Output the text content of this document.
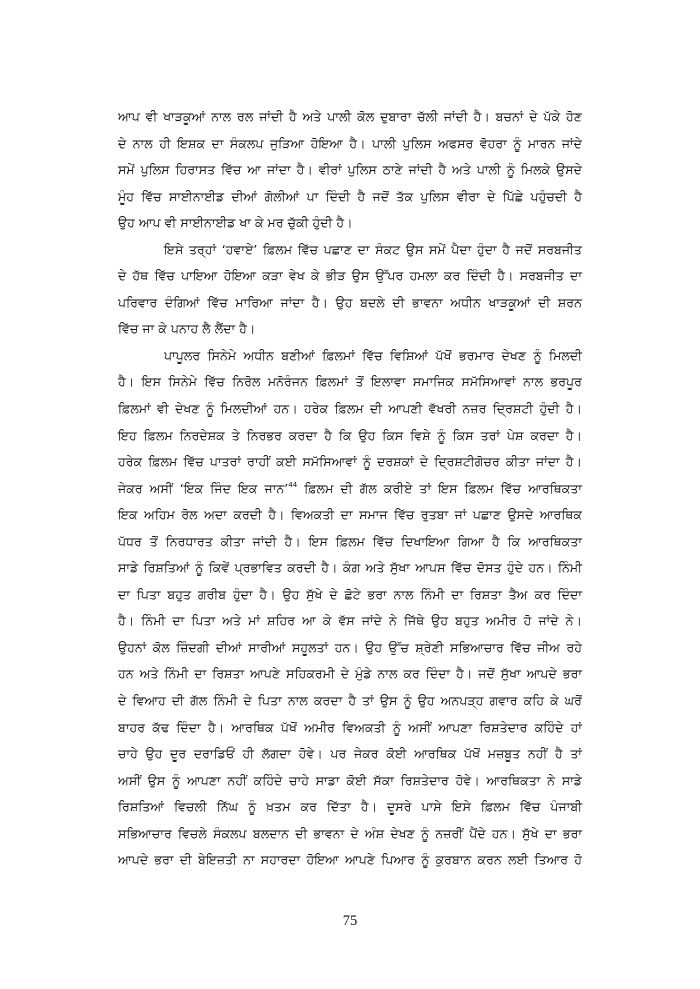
ਆਪ ਵੀ ਖਾੜਕੂਆਂ ਨਾਲ ਰਲ ਜਾਂਦੀ ਹੈ ਅਤੇ ਪਾਲੀ ਕੋਲ ਦੁਬਾਰਾ ਚੱਲੀ ਜਾਂਦੀ ਹੈ। ਬਚਨਾਂ ਦੇ ਪੱਕੇ ਹੋਣ
ਦੇ ਨਾਲ ਹੀ ਇਸ਼ਕ ਦਾ ਸੰਕਲਪ ਜੁੜਿਆ ਹੋਇਆ ਹੈ। ਪਾਲੀ ਪੁਲਿਸ ਅਫਸਰ ਵੋਹਰਾ ਨੂੰ ਮਾਰਨ ਜਾਂਦੇ
ਸਮੇਂ ਪੁਲਿਸ ਹਿਰਾਸਤ ਵਿੱਚ ਆ ਜਾਂਦਾ ਹੈ। ਵੀਰਾਂ ਪੁਲਿਸ ਠਾਣੇ ਜਾਂਦੀ ਹੈ ਅਤੇ ਪਾਲੀ ਨੂੰ ਮਿਲਕੇ ਉਸਦੇ
ਮੂੰਹ ਵਿੱਚ ਸਾਈਨਾਈਡ ਦੀਆਂ ਗੋਲੀਆਂ ਪਾ ਦਿੰਦੀ ਹੈ ਜਦੋਂ ਤੱਕ ਪੁਲਿਸ ਵੀਰਾ ਦੇ ਪਿੱਛੇ ਪਹੁੰਚਦੀ ਹੈ
ਉਹ ਆਪ ਵੀ ਸਾਈਨਾਈਡ ਖਾ ਕੇ ਮਰ ਚੁੱਕੀ ਹੁੰਦੀ ਹੈ।
ਇਸੇ ਤਰ੍ਹਾਂ ‘ਹਵਾਏ’ ਫ਼ਿਲਮ ਵਿੱਚ ਪਛਾਣ ਦਾ ਸੰਕਟ ਉਸ ਸਮੇਂ ਪੈਦਾ ਹੁੰਦਾ ਹੈ ਜਦੋਂ ਸਰਬਜੀਤ
ਦੇ ਹੱਥ ਵਿੱਚ ਪਾਇਆ ਹੋਇਆ ਕੜਾ ਵੇਖ ਕੇ ਭੀੜ ਉਸ ਉੱਪਰ ਹਮਲਾ ਕਰ ਦਿੰਦੀ ਹੈ। ਸਰਬਜੀਤ ਦਾ
ਪਰਿਵਾਰ ਦੰਗਿਆਂ ਵਿੱਚ ਮਾਰਿਆ ਜਾਂਦਾ ਹੈ। ਉਹ ਬਦਲੇ ਦੀ ਭਾਵਨਾ ਅਧੀਨ ਖਾੜਕੂਆਂ ਦੀ ਸ਼ਰਨ
ਵਿੱਚ ਜਾ ਕੇ ਪਨਾਹ ਲੈ ਲੈਂਦਾ ਹੈ।
ਪਾਪੂਲਰ ਸਿਨੇਮੇ ਅਧੀਨ ਬਣੀਆਂ ਫ਼ਿਲਮਾਂ ਵਿੱਚ ਵਿਸ਼ਿਆਂ ਪੱਖੋਂ ਭਰਮਾਰ ਦੇਖਣ ਨੂੰ ਮਿਲਦੀ
ਹੈ। ਇਸ ਸਿਨੇਮੇ ਵਿੱਚ ਨਿਰੋਲ ਮਨੋਰੰਜਨ ਫ਼ਿਲਮਾਂ ਤੋਂ ਇਲਾਵਾ ਸਮਾਜਿਕ ਸਮੱਸਿਆਵਾਂ ਨਾਲ ਭਰਪੂਰ
ਫ਼ਿਲਮਾਂ ਵੀ ਦੇਖਣ ਨੂੰ ਮਿਲਦੀਆਂ ਹਨ। ਹਰੇਕ ਫ਼ਿਲਮ ਦੀ ਆਪਣੀ ਵੱਖਰੀ ਨਜ਼ਰ ਦ੍ਰਿਸ਼ਟੀ ਹੁੰਦੀ ਹੈ।
ਇਹ ਫ਼ਿਲਮ ਨਿਰਦੇਸ਼ਕ ਤੇ ਨਿਰਭਰ ਕਰਦਾ ਹੈ ਕਿ ਉਹ ਕਿਸ ਵਿਸ਼ੇ ਨੂੰ ਕਿਸ ਤਰਾਂ ਪੇਸ਼ ਕਰਦਾ ਹੈ।
ਹਰੇਕ ਫ਼ਿਲਮ ਵਿੱਚ ਪਾਤਰਾਂ ਰਾਹੀਂ ਕਈ ਸਮੱਸਿਆਵਾਂ ਨੂੰ ਦਰਸ਼ਕਾਂ ਦੇ ਦ੍ਰਿਸ਼ਟੀਗੋਚਰ ਕੀਤਾ ਜਾਂਦਾ ਹੈ।
ਜੇਕਰ ਅਸੀਂ ‘ਇਕ ਜਿੰਦ ਇਕ ਜਾਨ’$^{44}$ ਫ਼ਿਲਮ ਦੀ ਗੱਲ ਕਰੀਏ ਤਾਂ ਇਸ ਫ਼ਿਲਮ ਵਿੱਚ ਆਰਥਿਕਤਾ
ਇਕ ਅਹਿਮ ਰੋਲ ਅਦਾ ਕਰਦੀ ਹੈ। ਵਿਅਕਤੀ ਦਾ ਸਮਾਜ ਵਿੱਚ ਰੁਤਬਾ ਜਾਂ ਪਛਾਣ ਉਸਦੇ ਆਰਥਿਕ
ਪੱਧਰ ਤੋਂ ਨਿਰਧਾਰਤ ਕੀਤਾ ਜਾਂਦੀ ਹੈ। ਇਸ ਫ਼ਿਲਮ ਵਿੱਚ ਦਿਖਾਇਆ ਗਿਆ ਹੈ ਕਿ ਆਰਥਿਕਤਾ
ਸਾਡੇ ਰਿਸ਼ਤਿਆਂ ਨੂੰ ਕਿਵੇਂ ਪ੍ਰਭਾਵਿਤ ਕਰਦੀ ਹੈ। ਕੰਗ ਅਤੇ ਸੁੱਖਾ ਆਪਸ ਵਿੱਚ ਦੋਸਤ ਹੁੰਦੇ ਹਨ। ਨਿੰਮੀ
ਦਾ ਪਿਤਾ ਬਹੁਤ ਗਰੀਬ ਹੁੰਦਾ ਹੈ। ਉਹ ਸੁੱਖੇ ਦੇ ਛੋਟੇ ਭਰਾ ਨਾਲ ਨਿੰਮੀ ਦਾ ਰਿਸ਼ਤਾ ਤੈਅ ਕਰ ਦਿੰਦਾ
ਹੈ। ਨਿੰਮੀ ਦਾ ਪਿਤਾ ਅਤੇ ਮਾਂ ਸ਼ਹਿਰ ਆ ਕੇ ਵੱਸ ਜਾਂਦੇ ਨੇ ਜਿੱਥੇ ਉਹ ਬਹੁਤ ਅਮੀਰ ਹੋ ਜਾਂਦੇ ਨੇ।
ਉਹਨਾਂ ਕੋਲ ਜ਼ਿੰਦਗੀ ਦੀਆਂ ਸਾਰੀਆਂ ਸਹੂਲਤਾਂ ਹਨ। ਉਹ ਉੱਚ ਸ਼੍ਰੇਣੀ ਸਭਿਆਚਾਰ ਵਿੱਚ ਜੀਅ ਰਹੇ
ਹਨ ਅਤੇ ਨਿੰਮੀ ਦਾ ਰਿਸ਼ਤਾ ਆਪਣੇ ਸਹਿਕਰਮੀ ਦੇ ਮੁੰਡੇ ਨਾਲ ਕਰ ਦਿੰਦਾ ਹੈ। ਜਦੋਂ ਸੁੱਖਾ ਆਪਦੇ ਭਰਾ
ਦੇ ਵਿਆਹ ਦੀ ਗੱਲ ਨਿੰਮੀ ਦੇ ਪਿਤਾ ਨਾਲ ਕਰਦਾ ਹੈ ਤਾਂ ਉਸ ਨੂੰ ਉਹ ਅਨਪੜ੍ਹ ਗਵਾਰ ਕਹਿ ਕੇ ਘਰੋਂ
ਬਾਹਰ ਕੱਢ ਦਿੰਦਾ ਹੈ। ਆਰਥਿਕ ਪੱਖੋਂ ਅਮੀਰ ਵਿਅਕਤੀ ਨੂੰ ਅਸੀਂ ਆਪਣਾ ਰਿਸ਼ਤੇਦਾਰ ਕਹਿੰਦੇ ਹਾਂ
ਚਾਹੇ ਉਹ ਦੂਰ ਦਰਾਡਿਓਂ ਹੀ ਲੱਗਦਾ ਹੋਵੇ। ਪਰ ਜੇਕਰ ਕੋਈ ਆਰਥਿਕ ਪੱਖੋਂ ਮਜ਼ਬੂਤ ਨਹੀਂ ਹੈ ਤਾਂ
ਅਸੀਂ ਉਸ ਨੂੰ ਆਪਣਾ ਨਹੀਂ ਕਹਿੰਦੇ ਚਾਹੇ ਸਾਡਾ ਕੋਈ ਸੱਕਾ ਰਿਸ਼ਤੇਦਾਰ ਹੋਵੇ। ਆਰਥਿਕਤਾ ਨੇ ਸਾਡੇ
ਰਿਸ਼ਤਿਆਂ ਵਿਚਲੀ ਨਿੱਘ ਨੂੰ ਖ਼ਤਮ ਕਰ ਦਿੱਤਾ ਹੈ। ਦੂਸਰੇ ਪਾਸੇ ਇਸੇ ਫ਼ਿਲਮ ਵਿੱਚ ਪੰਜਾਬੀ
ਸਭਿਆਚਾਰ ਵਿਚਲੇ ਸੰਕਲਪ ਬਲਦਾਨ ਦੀ ਭਾਵਨਾ ਦੇ ਅੰਸ਼ ਦੇਖਣ ਨੂੰ ਨਜ਼ਰੀਂ ਪੈਂਦੇ ਹਨ। ਸੁੱਖੇ ਦਾ ਭਰਾ
ਆਪਦੇ ਭਰਾ ਦੀ ਬੇਇਜ਼ਤੀ ਨਾ ਸਹਾਰਦਾ ਹੋਇਆ ਆਪਣੇ ਪਿਆਰ ਨੂੰ ਕੁਰਬਾਨ ਕਰਨ ਲਈ ਤਿਆਰ ਹੋ
75
